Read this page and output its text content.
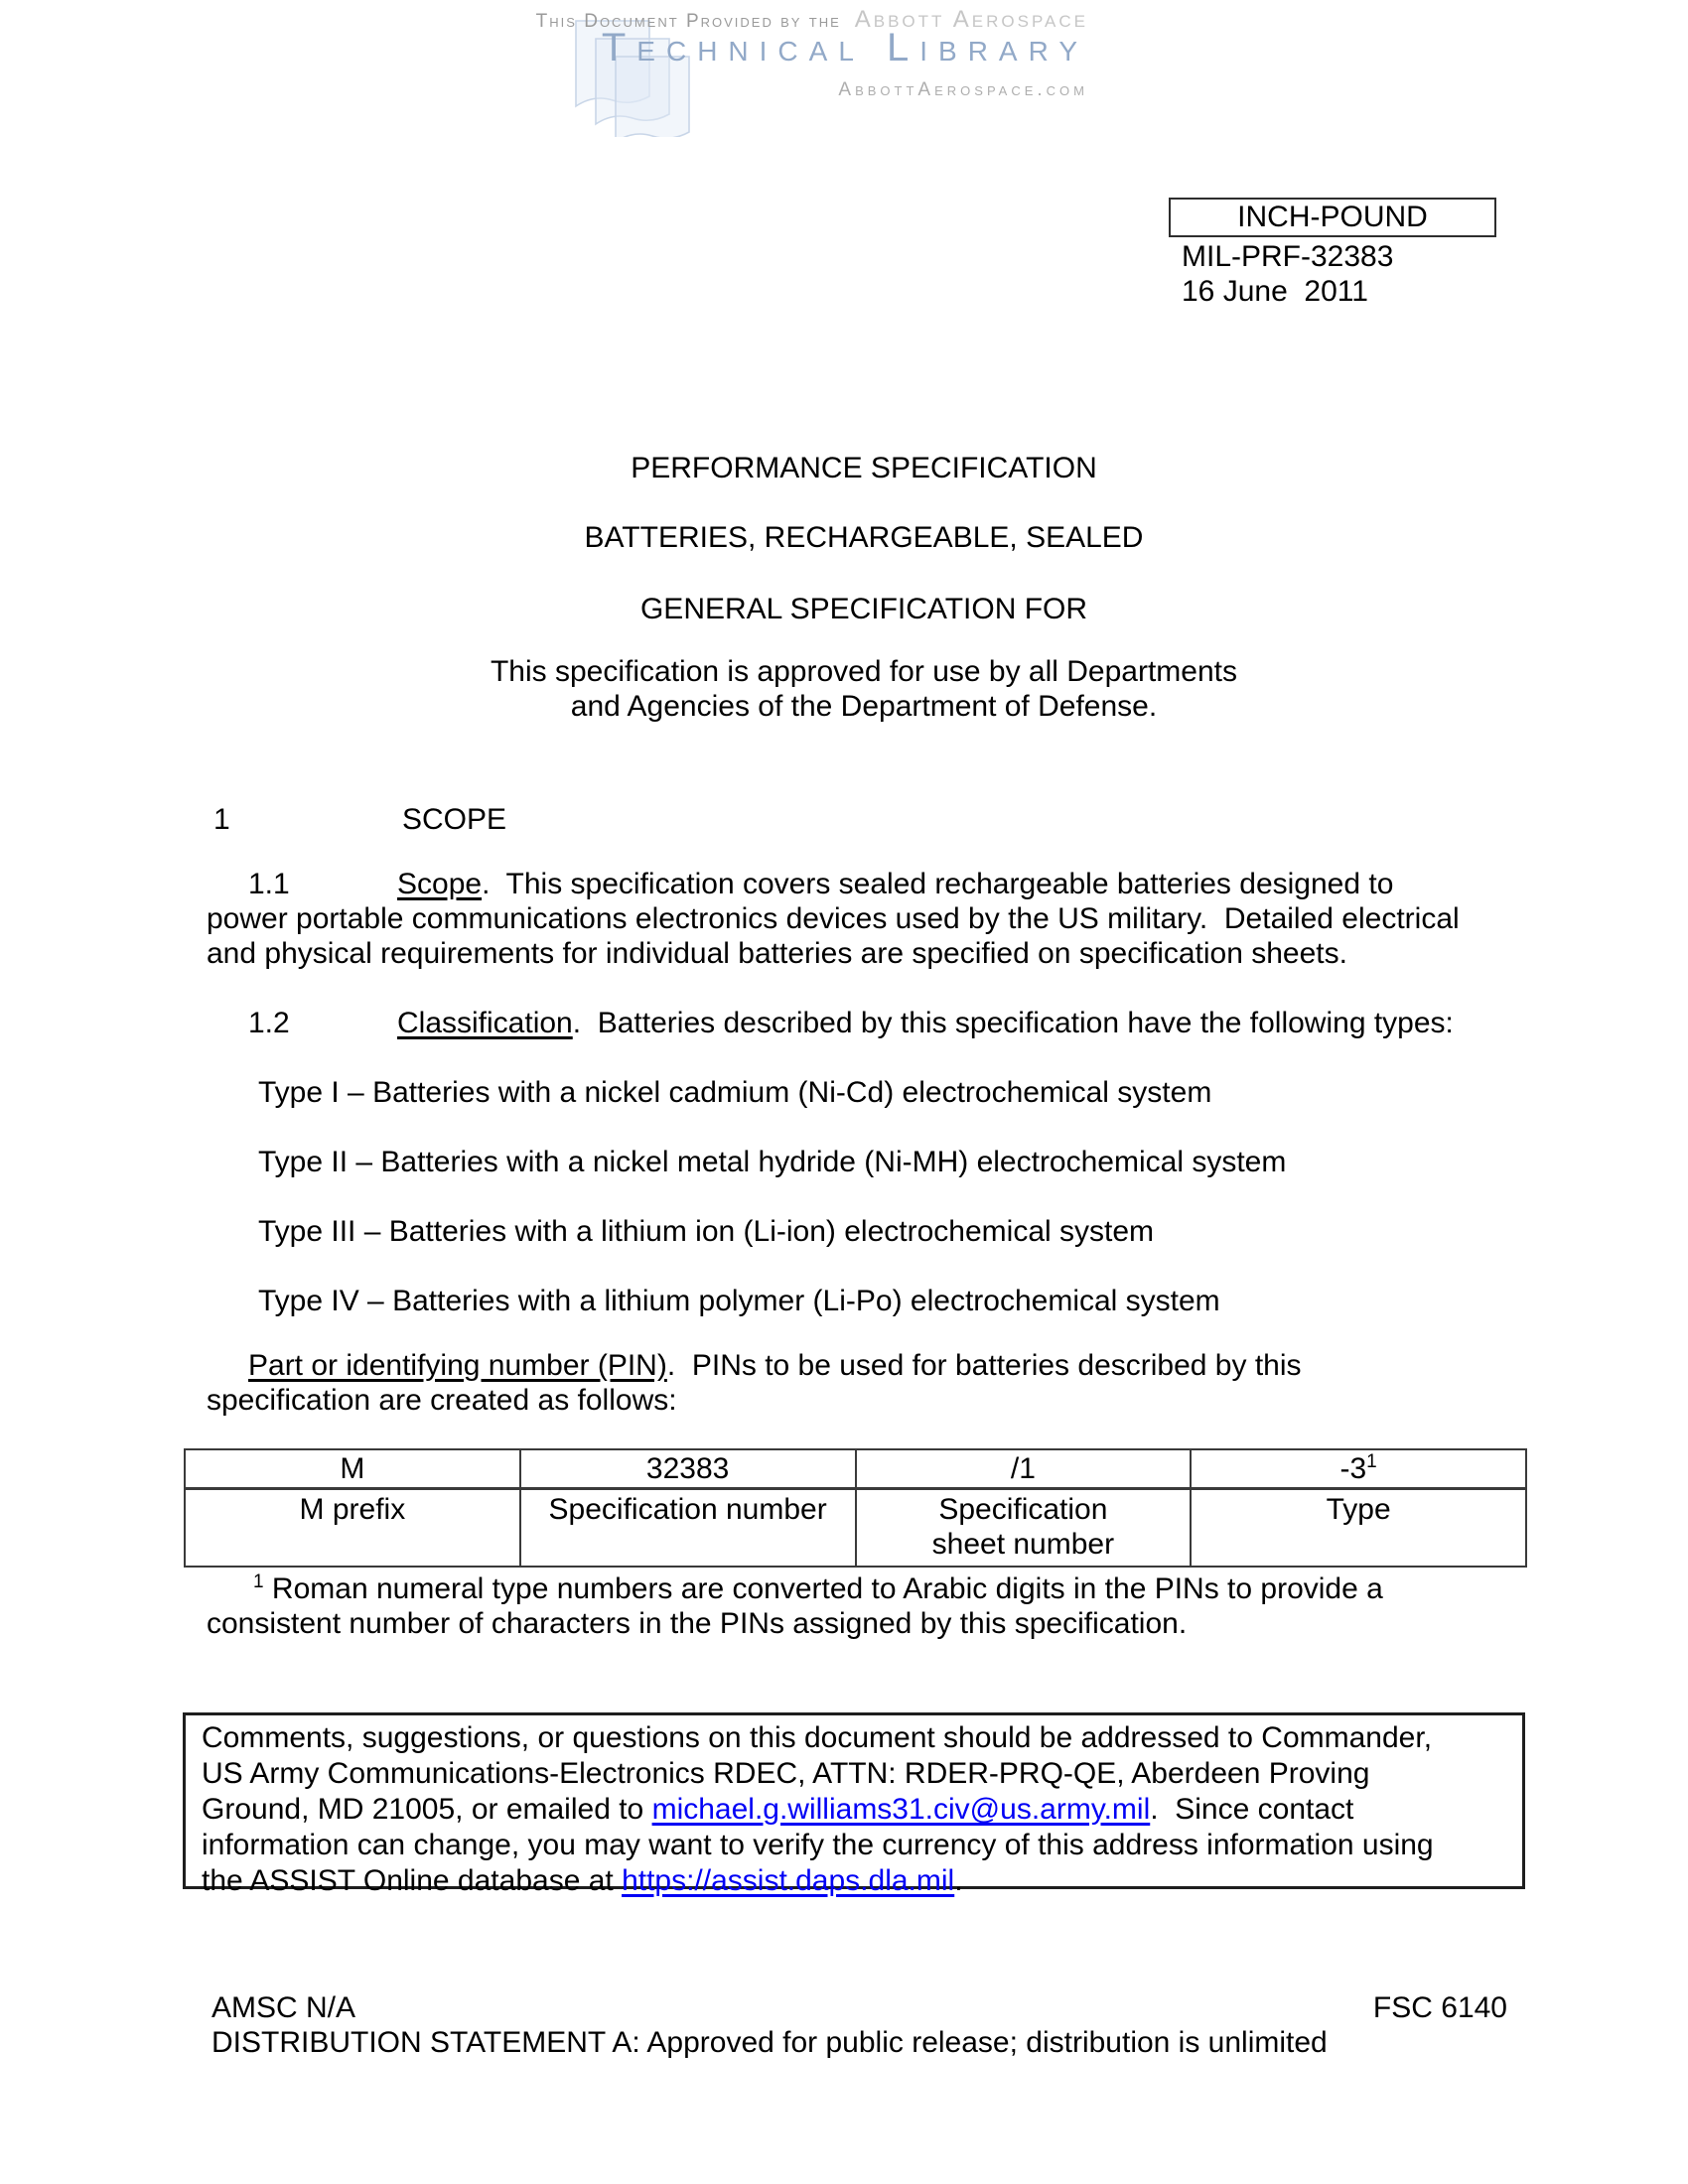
This Document Provided by the Abbott Aerospace
Technical Library
AbbottAerospace.com
INCH-POUND
MIL-PRF-32383
16 June  2011
PERFORMANCE SPECIFICATION
BATTERIES, RECHARGEABLE, SEALED
GENERAL SPECIFICATION FOR
This specification is approved for use by all Departments
and Agencies of the Department of Defense.
1	SCOPE
1.1	Scope.  This specification covers sealed rechargeable batteries designed to
power portable communications electronics devices used by the US military.  Detailed electrical
and physical requirements for individual batteries are specified on specification sheets.
1.2	Classification.  Batteries described by this specification have the following types:
Type I – Batteries with a nickel cadmium (Ni-Cd) electrochemical system
Type II – Batteries with a nickel metal hydride (Ni-MH) electrochemical system
Type III – Batteries with a lithium ion (Li-ion) electrochemical system
Type IV – Batteries with a lithium polymer (Li-Po) electrochemical system
Part or identifying number (PIN).  PINs to be used for batteries described by this
specification are created as follows:
M	32383	/1	$-3^1$
M prefix	Specification number	Specification sheet number	Type
$^1$ Roman numeral type numbers are converted to Arabic digits in the PINs to provide a
consistent number of characters in the PINs assigned by this specification.
Comments, suggestions, or questions on this document should be addressed to Commander,
US Army Communications-Electronics RDEC, ATTN: RDER-PRQ-QE, Aberdeen Proving
Ground, MD 21005, or emailed to michael.g.williams31.civ@us.army.mil.  Since contact
information can change, you may want to verify the currency of this address information using
the ASSIST Online database at https://assist.daps.dla.mil.
AMSC N/A	FSC 6140
DISTRIBUTION STATEMENT A: Approved for public release; distribution is unlimited
